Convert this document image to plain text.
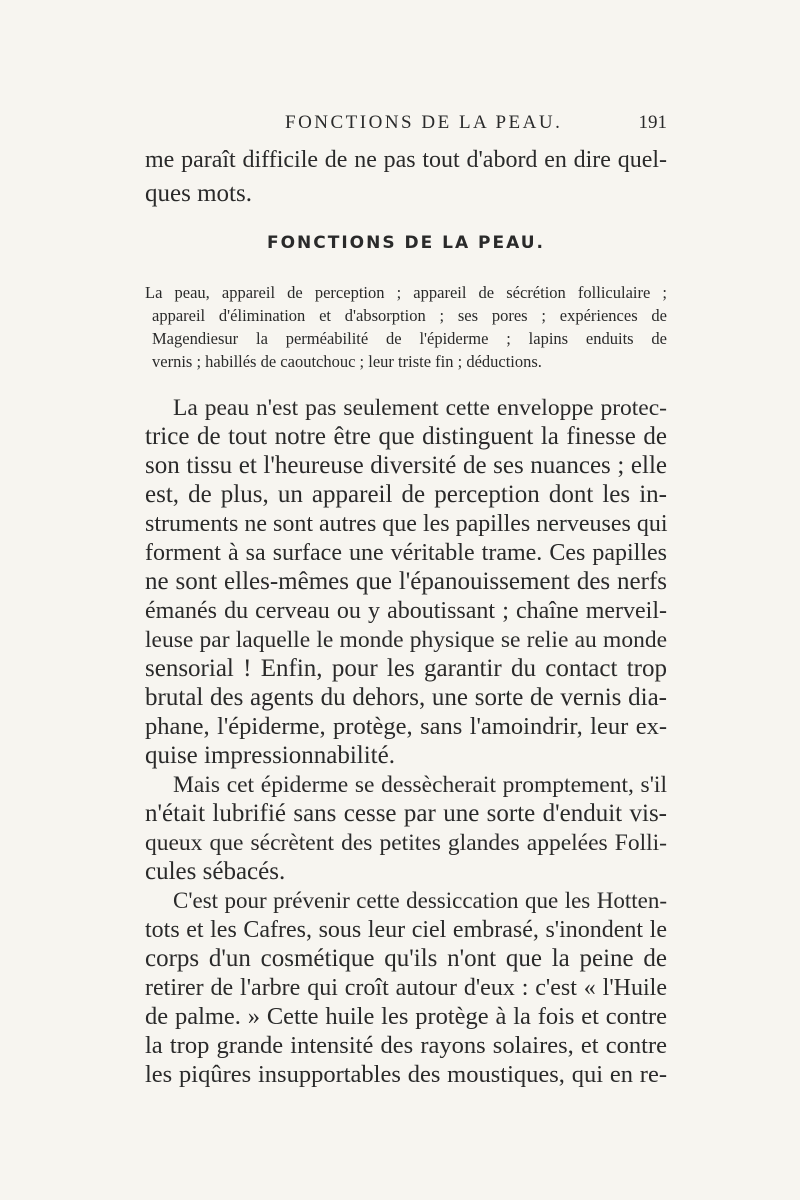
FONCTIONS DE LA PEAU.	191
me paraît difficile de ne pas tout d'abord en dire quel-
ques mots.
FONCTIONS DE LA PEAU.
La peau, appareil de perception ; appareil de sécrétion folliculaire ;
appareil d'élimination et d'absorption ; ses pores ; expériences de
Magendiesur la perméabilité de l'épiderme ; lapins enduits de
vernis ; habillés de caoutchouc ; leur triste fin ; déductions.
La peau n'est pas seulement cette enveloppe protec-
trice de tout notre être que distinguent la finesse de
son tissu et l'heureuse diversité de ses nuances ; elle
est, de plus, un appareil de perception dont les in-
struments ne sont autres que les papilles nerveuses qui
forment à sa surface une véritable trame. Ces papilles
ne sont elles-mêmes que l'épanouissement des nerfs
émanés du cerveau ou y aboutissant ; chaîne merveil-
leuse par laquelle le monde physique se relie au monde
sensorial ! Enfin, pour les garantir du contact trop
brutal des agents du dehors, une sorte de vernis dia-
phane, l'épiderme, protège, sans l'amoindrir, leur ex-
quise impressionnabilité.
Mais cet épiderme se dessècherait promptement, s'il
n'était lubrifié sans cesse par une sorte d'enduit vis-
queux que sécrètent des petites glandes appelées Folli-
cules sébacés.
C'est pour prévenir cette dessiccation que les Hotten-
tots et les Cafres, sous leur ciel embrasé, s'inondent le
corps d'un cosmétique qu'ils n'ont que la peine de
retirer de l'arbre qui croît autour d'eux : c'est « l'Huile
de palme. » Cette huile les protège à la fois et contre
la trop grande intensité des rayons solaires, et contre
les piqûres insupportables des moustiques, qui en re-
